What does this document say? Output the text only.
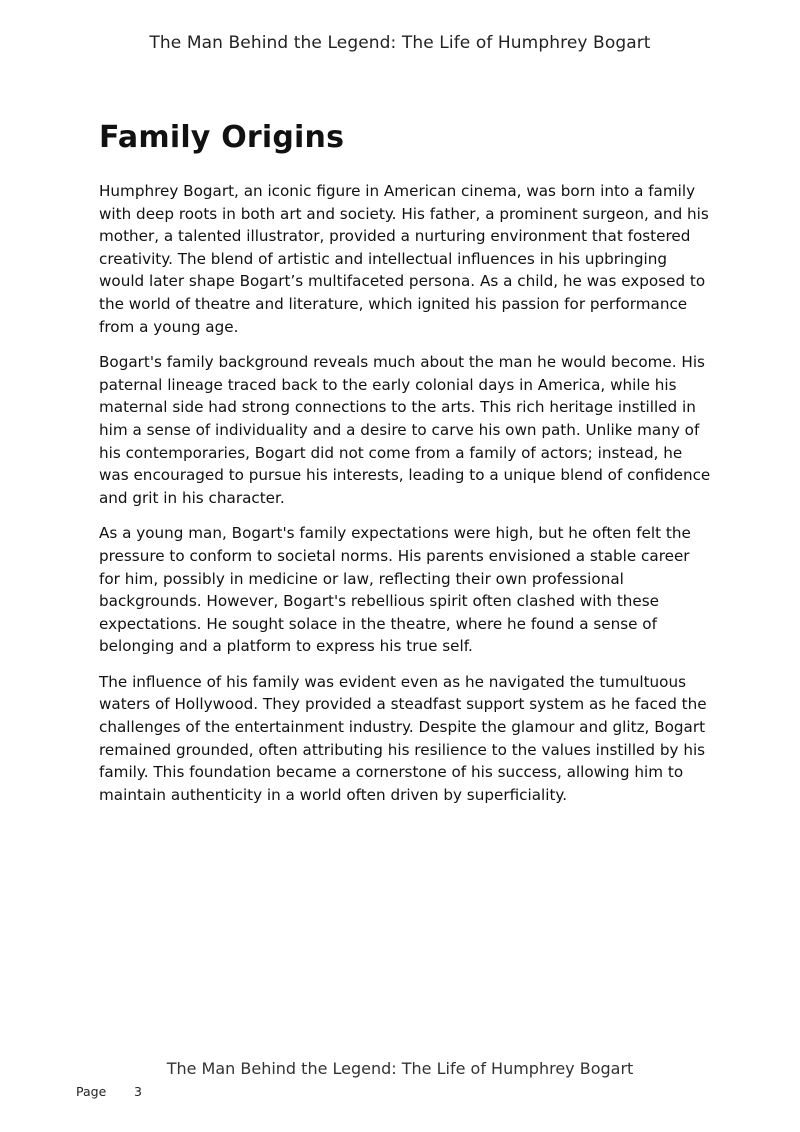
The Man Behind the Legend: The Life of Humphrey Bogart
Family Origins

Humphrey Bogart, an iconic figure in American cinema, was born into a family with deep roots in both art and society. His father, a prominent surgeon, and his mother, a talented illustrator, provided a nurturing environment that fostered creativity. The blend of artistic and intellectual influences in his upbringing would later shape Bogart’s multifaceted persona. As a child, he was exposed to the world of theatre and literature, which ignited his passion for performance from a young age.

Bogart's family background reveals much about the man he would become. His paternal lineage traced back to the early colonial days in America, while his maternal side had strong connections to the arts. This rich heritage instilled in him a sense of individuality and a desire to carve his own path. Unlike many of his contemporaries, Bogart did not come from a family of actors; instead, he was encouraged to pursue his interests, leading to a unique blend of confidence and grit in his character.

As a young man, Bogart's family expectations were high, but he often felt the pressure to conform to societal norms. His parents envisioned a stable career for him, possibly in medicine or law, reflecting their own professional backgrounds. However, Bogart's rebellious spirit often clashed with these expectations. He sought solace in the theatre, where he found a sense of belonging and a platform to express his true self.

The influence of his family was evident even as he navigated the tumultuous waters of Hollywood. They provided a steadfast support system as he faced the challenges of the entertainment industry. Despite the glamour and glitz, Bogart remained grounded, often attributing his resilience to the values instilled by his family. This foundation became a cornerstone of his success, allowing him to maintain authenticity in a world often driven by superficiality.

The Man Behind the Legend: The Life of Humphrey Bogart
Page 3
